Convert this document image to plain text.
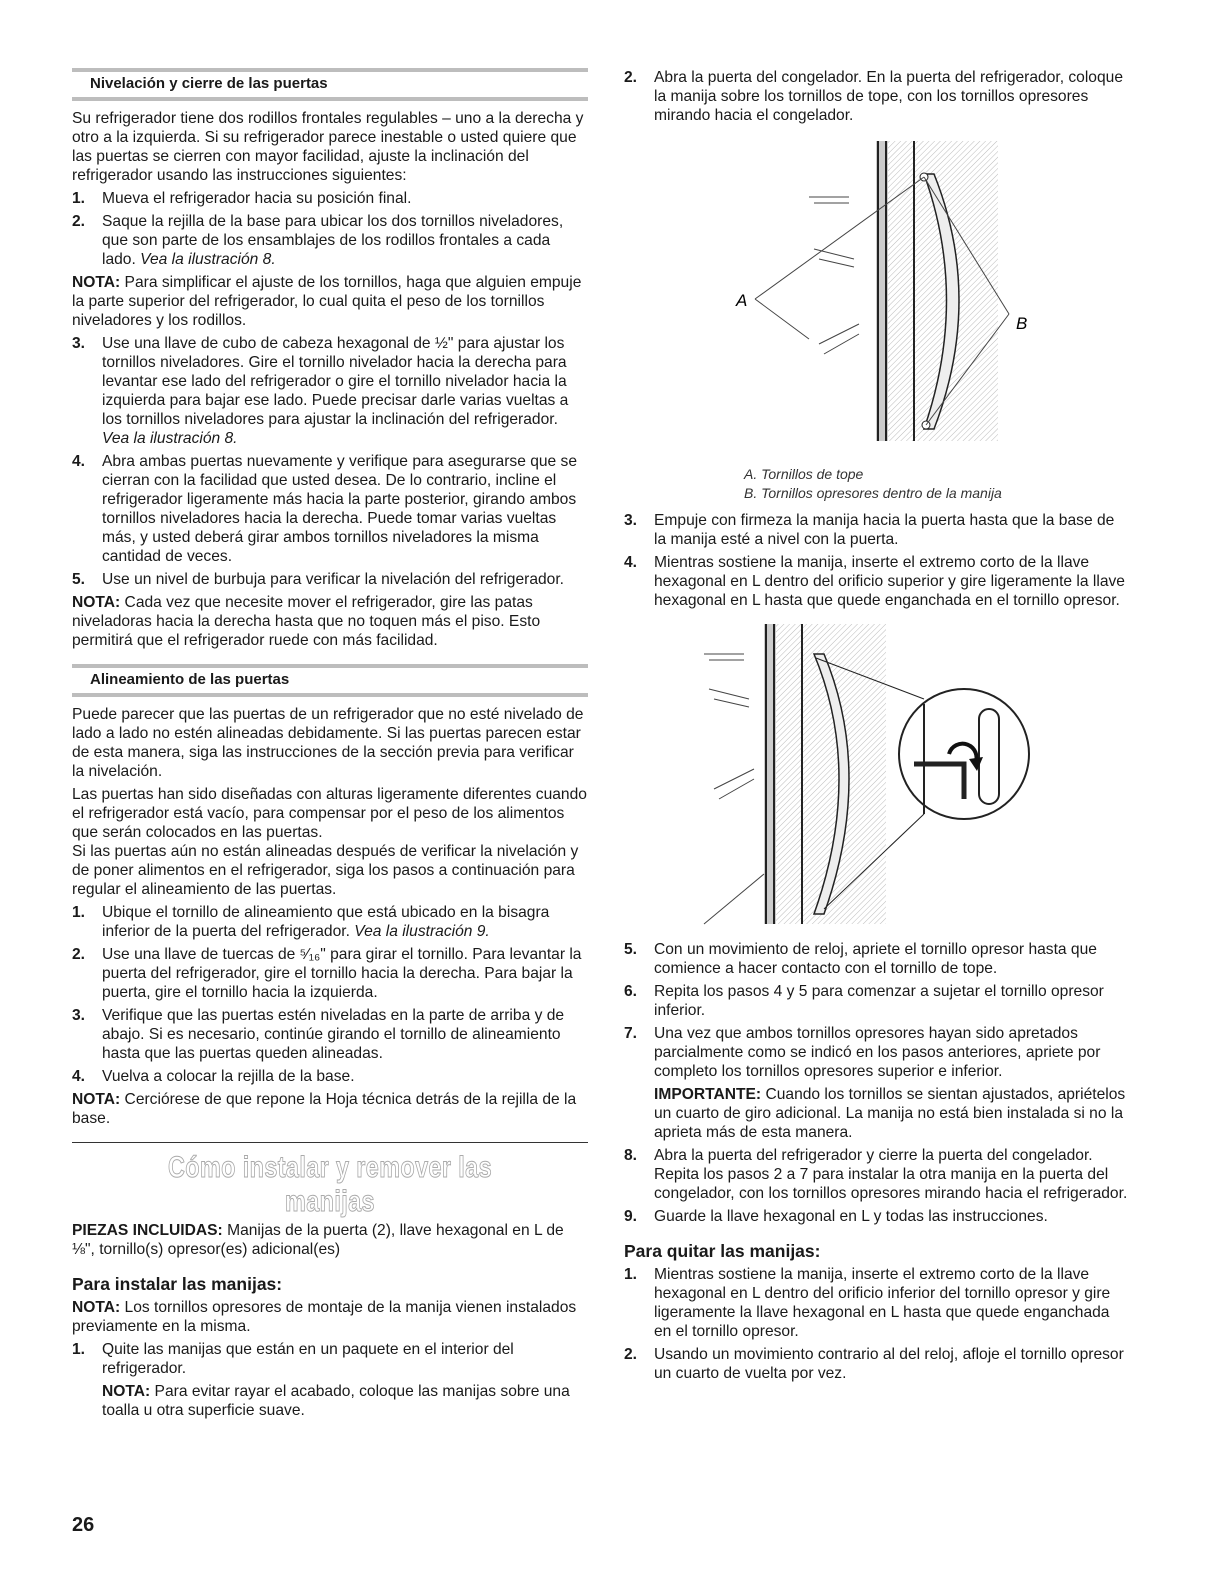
Nivelación y cierre de las puertas

Su refrigerador tiene dos rodillos frontales regulables – uno a la derecha y otro a la izquierda. Si su refrigerador parece inestable o usted quiere que las puertas se cierren con mayor facilidad, ajuste la inclinación del refrigerador usando las instrucciones siguientes:

1. Mueva el refrigerador hacia su posición final.
2. Saque la rejilla de la base para ubicar los dos tornillos niveladores, que son parte de los ensamblajes de los rodillos frontales a cada lado. Vea la ilustración 8.

NOTA: Para simplificar el ajuste de los tornillos, haga que alguien empuje la parte superior del refrigerador, lo cual quita el peso de los tornillos niveladores y los rodillos.

3. Use una llave de cubo de cabeza hexagonal de ½" para ajustar los tornillos niveladores. Gire el tornillo nivelador hacia la derecha para levantar ese lado del refrigerador o gire el tornillo nivelador hacia la izquierda para bajar ese lado. Puede precisar darle varias vueltas a los tornillos niveladores para ajustar la inclinación del refrigerador. Vea la ilustración 8.
4. Abra ambas puertas nuevamente y verifique para asegurarse que se cierran con la facilidad que usted desea. De lo contrario, incline el refrigerador ligeramente más hacia la parte posterior, girando ambos tornillos niveladores hacia la derecha. Puede tomar varias vueltas más, y usted deberá girar ambos tornillos niveladores la misma cantidad de veces.
5. Use un nivel de burbuja para verificar la nivelación del refrigerador.

NOTA: Cada vez que necesite mover el refrigerador, gire las patas niveladoras hacia la derecha hasta que no toquen más el piso. Esto permitirá que el refrigerador ruede con más facilidad.

Alineamiento de las puertas

Puede parecer que las puertas de un refrigerador que no esté nivelado de lado a lado no estén alineadas debidamente. Si las puertas parecen estar de esta manera, siga las instrucciones de la sección previa para verificar la nivelación.

Las puertas han sido diseñadas con alturas ligeramente diferentes cuando el refrigerador está vacío, para compensar por el peso de los alimentos que serán colocados en las puertas.

Si las puertas aún no están alineadas después de verificar la nivelación y de poner alimentos en el refrigerador, siga los pasos a continuación para regular el alineamiento de las puertas.

1. Ubique el tornillo de alineamiento que está ubicado en la bisagra inferior de la puerta del refrigerador. Vea la ilustración 9.
2. Use una llave de tuercas de ⁵⁄₁₆" para girar el tornillo. Para levantar la puerta del refrigerador, gire el tornillo hacia la derecha. Para bajar la puerta, gire el tornillo hacia la izquierda.
3. Verifique que las puertas estén niveladas en la parte de arriba y de abajo. Si es necesario, continúe girando el tornillo de alineamiento hasta que las puertas queden alineadas.
4. Vuelva a colocar la rejilla de la base.

NOTA: Cerciórese de que repone la Hoja técnica detrás de la rejilla de la base.

Cómo instalar y remover las manijas

PIEZAS INCLUIDAS: Manijas de la puerta (2), llave hexagonal en L de ⅛", tornillo(s) opresor(es) adicional(es)

Para instalar las manijas:

NOTA: Los tornillos opresores de montaje de la manija vienen instalados previamente en la misma.

1. Quite las manijas que están en un paquete en el interior del refrigerador.

NOTA: Para evitar rayar el acabado, coloque las manijas sobre una toalla u otra superficie suave.

2. Abra la puerta del congelador. En la puerta del refrigerador, coloque la manija sobre los tornillos de tope, con los tornillos opresores mirando hacia el congelador.
A
B
A. Tornillos de tope
B. Tornillos opresores dentro de la manija
3. Empuje con firmeza la manija hacia la puerta hasta que la base de la manija esté a nivel con la puerta.
4. Mientras sostiene la manija, inserte el extremo corto de la llave hexagonal en L dentro del orificio superior y gire ligeramente la llave hexagonal en L hasta que quede enganchada en el tornillo opresor.
5. Con un movimiento de reloj, apriete el tornillo opresor hasta que comience a hacer contacto con el tornillo de tope.
6. Repita los pasos 4 y 5 para comenzar a sujetar el tornillo opresor inferior.
7. Una vez que ambos tornillos opresores hayan sido apretados parcialmente como se indicó en los pasos anteriores, apriete por completo los tornillos opresores superior e inferior.

IMPORTANTE: Cuando los tornillos se sientan ajustados, apriételos un cuarto de giro adicional. La manija no está bien instalada si no la aprieta más de esta manera.

8. Abra la puerta del refrigerador y cierre la puerta del congelador. Repita los pasos 2 a 7 para instalar la otra manija en la puerta del congelador, con los tornillos opresores mirando hacia el refrigerador.
9. Guarde la llave hexagonal en L y todas las instrucciones.
Para quitar las manijas:
1. Mientras sostiene la manija, inserte el extremo corto de la llave hexagonal en L dentro del orificio inferior del tornillo opresor y gire ligeramente la llave hexagonal en L hasta que quede enganchada en el tornillo opresor.
2. Usando un movimiento contrario al del reloj, afloje el tornillo opresor un cuarto de vuelta por vez.
26
